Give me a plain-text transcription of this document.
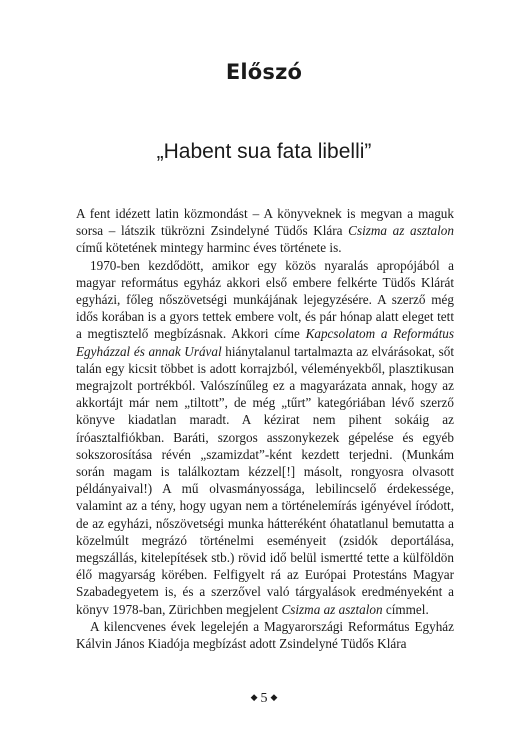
Előszó
„Habent sua fata libelli”

A fent idézett latin közmondást – A könyveknek is megvan a maguk sorsa – látszik tükrözni Zsindelyné Tüdős Klára Csizma az asztalon című kötetének mintegy harminc éves története is.

1970-ben kezdődött, amikor egy közös nyaralás apropójából a magyar református egyház akkori első embere felkérte Tüdős Klárát egyházi, főleg nőszövetségi munkájának lejegyzésére. A szerző még idős korában is a gyors tettek embere volt, és pár hónap alatt eleget tett a megtisztelő megbízásnak. Akkori címe Kapcsolatom a Református Egyházzal és annak Urával hiánytalanul tartalmazta az elvárásokat, sőt talán egy kicsit többet is adott korrajzból, véleményekből, plasztikusan megrajzolt portrékból. Valószínűleg ez a magyarázata annak, hogy az akkortájt már nem „tiltott”, de még „tűrt” kategóriában lévő szerző könyve kiadatlan maradt. A kézirat nem pihent sokáig az íróasztalfiókban. Baráti, szorgos asszonykezek gépelése és egyéb sokszorosítása révén „szamizdat”-ként kezdett terjedni. (Munkám során magam is találkoztam kézzel[!] másolt, rongyosra olvasott példányaival!) A mű olvasmányossága, lebilincselő érdekessége, valamint az a tény, hogy ugyan nem a történelemírás igényével íródott, de az egyházi, nőszövetségi munka hátteréként óhatatlanul bemutatta a közelmúlt megrázó történelmi eseményeit (zsidók deportálása, megszállás, kitelepítések stb.) rövid idő belül ismertté tette a külföldön élő magyarság körében. Felfigyelt rá az Európai Protestáns Magyar Szabadegyetem is, és a szerzővel való tárgyalások eredményeként a könyv 1978-ban, Zürichben megjelent Csizma az asztalon címmel.

A kilencvenes évek legelején a Magyarországi Református Egyház Kálvin János Kiadója megbízást adott Zsindelyné Tüdős Klára

◆ 5 ◆
